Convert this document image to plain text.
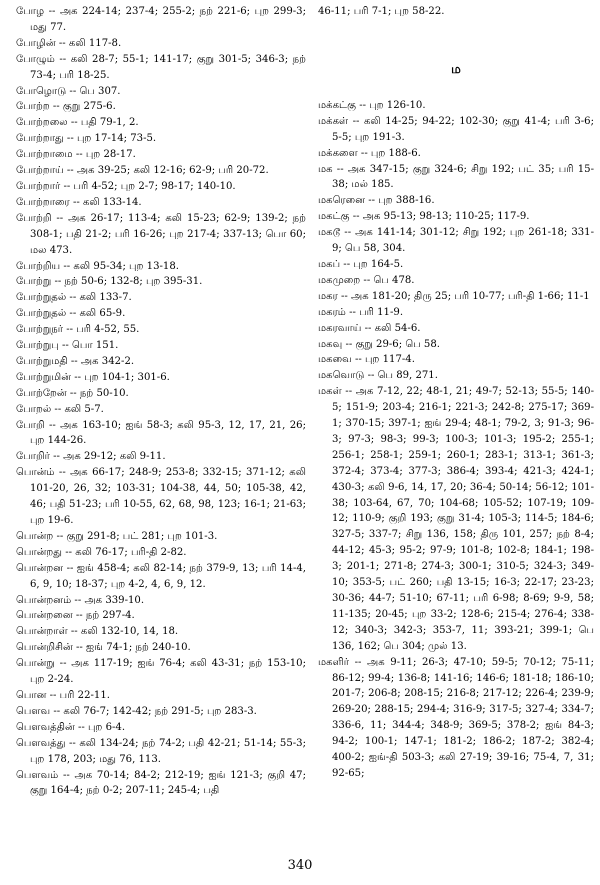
போழ -- அக 224-14; 237-4; 255-2; நற் 221-6; புற 299-3; மது 77.
போழின் -- கலி 117-8.
போழும் -- கலி 28-7; 55-1; 141-17; குறு 301-5; 346-3; நற் 73-4; பரி 18-25.
போழொடு -- பெ 307.
போற்ற -- குறு 275-6.
போற்றலை -- பதி 79-1, 2.
போற்றாது -- புற 17-14; 73-5.
போற்றாமை -- புற 28-17.
போற்றாய் -- அக 39-25; கலி 12-16; 62-9; பரி 20-72.
போற்றார் -- பரி 4-52; புற 2-7; 98-17; 140-10.
போற்றாரை -- கலி 133-14.
போற்றி -- அக 26-17; 113-4; கலி 15-23; 62-9; 139-2; நற் 308-1; பதி 21-2; பரி 16-26; புற 217-4; 337-13; பொ 60; மல 473.
போற்றிய -- கலி 95-34; புற 13-18.
போற்று -- நற் 50-6; 132-8; புற 395-31.
போற்றுதல் -- கலி 133-7.
போற்றுதல் -- கலி 65-9.
போற்றுநர் -- பரி 4-52, 55.
போற்றுபு -- பொ 151.
போற்றுமதி -- அக 342-2.
போற்றுமின் -- புற 104-1; 301-6.
போற்றேன் -- நற் 50-10.
போறல் -- கலி 5-7.
போறி -- அக 163-10; ஐங் 58-3; கலி 95-3, 12, 17, 21, 26; புற 144-26.
போறிர் -- அக 29-12; கலி 9-11.
பொன்ம் -- அக 66-17; 248-9; 253-8; 332-15; 371-12; கலி 101-20, 26, 32; 103-31; 104-38, 44, 50; 105-38, 42, 46; பதி 51-23; பரி 10-55, 62, 68, 98, 123; 16-1; 21-63; புற 19-6.
பொன்ற -- குறு 291-8; பட் 281; புற 101-3.
பொன்றது -- கலி 76-17; பரி-தி 2-82.
பொன்றன -- ஐங் 458-4; கலி 82-14; நற் 379-9, 13; பரி 14-4, 6, 9, 10; 18-37; புற 4-2, 4, 6, 9, 12.
பொன்றனம் -- அக 339-10.
பொன்றனை -- நற் 297-4.
பொன்றாள் -- கலி 132-10, 14, 18.
பொன்றிசின் -- ஐங் 74-1; நற் 240-10.
பொன்று -- அக 117-19; ஐங் 76-4; கலி 43-31; நற் 153-10; புற 2-24.
பொன -- பரி 22-11.
பௌவ -- கலி 76-7; 142-42; நற் 291-5; புற 283-3.
பௌவத்தின் -- புற 6-4.
பௌவத்து -- கலி 134-24; நற் 74-2; பதி 42-21; 51-14; 55-3; புற 178, 203; மது 76, 113.
பௌவம் -- அக 70-14; 84-2; 212-19; ஐங் 121-3; குறி 47; குறு 164-4; நற் 0-2; 207-11; 245-4; பதி
46-11; பரி 7-1; புற 58-22.
ம
மக்கட்கு -- புற 126-10.
மக்கள் -- கலி 14-25; 94-22; 102-30; குறு 41-4; பரி 3-6; 5-5; புற 191-3.
மக்களை -- புற 188-6.
மக -- அக 347-15; குறு 324-6; சிறு 192; பட் 35; பரி 15-38; மல் 185.
மகரெனை -- புற 388-16.
மகட்கு -- அக 95-13; 98-13; 110-25; 117-9.
மகடூ -- அக 141-14; 301-12; சிறு 192; புற 261-18; 331-9; பெ 58, 304.
மகப் -- புற 164-5.
மகமுறை -- பெ 478.
மகர -- அக 181-20; திரு 25; பரி 10-77; பரி-தி 1-66; 11-1
மகரம் -- பரி 11-9.
மகரவாய் -- கலி 54-6.
மகவு -- குறு 29-6; பெ 58.
மகவை -- புற 117-4.
மகவொடு -- பெ 89, 271.
மகள் -- அக 7-12, 22; 48-1, 21; 49-7; 52-13; 55-5; 140-5; 151-9; 203-4; 216-1; 221-3; 242-8; 275-17; 369-1; 370-15; 397-1; ஐங் 29-4; 48-1; 79-2, 3; 91-3; 96-3; 97-3; 98-3; 99-3; 100-3; 101-3; 195-2; 255-1; 256-1; 258-1; 259-1; 260-1; 283-1; 313-1; 361-3; 372-4; 373-4; 377-3; 386-4; 393-4; 421-3; 424-1; 430-3; கலி 9-6, 14, 17, 20; 36-4; 50-14; 56-12; 101-38; 103-64, 67, 70; 104-68; 105-52; 107-19; 109-12; 110-9; குறி 193; குறு 31-4; 105-3; 114-5; 184-6; 327-5; 337-7; சிறு 136, 158; திரு 101, 257; நற் 8-4; 44-12; 45-3; 95-2; 97-9; 101-8; 102-8; 184-1; 198-3; 201-1; 271-8; 274-3; 300-1; 310-5; 324-3; 349-10; 353-5; பட் 260; பதி 13-15; 16-3; 22-17; 23-23; 30-36; 44-7; 51-10; 67-11; பரி 6-98; 8-69; 9-9, 58; 11-135; 20-45; புற 33-2; 128-6; 215-4; 276-4; 338-12; 340-3; 342-3; 353-7, 11; 393-21; 399-1; பெ 136, 162; பெ 304; முல் 13.
மகளிர் -- அக 9-11; 26-3; 47-10; 59-5; 70-12; 75-11; 86-12; 99-4; 136-8; 141-16; 146-6; 181-18; 186-10; 201-7; 206-8; 208-15; 216-8; 217-12; 226-4; 239-9; 269-20; 288-15; 294-4; 316-9; 317-5; 327-4; 334-7; 336-6, 11; 344-4; 348-9; 369-5; 378-2; ஐங் 84-3; 94-2; 100-1; 147-1; 181-2; 186-2; 187-2; 382-4; 400-2; ஐங்-தி 503-3; கலி 27-19; 39-16; 75-4, 7, 31; 92-65;
340
